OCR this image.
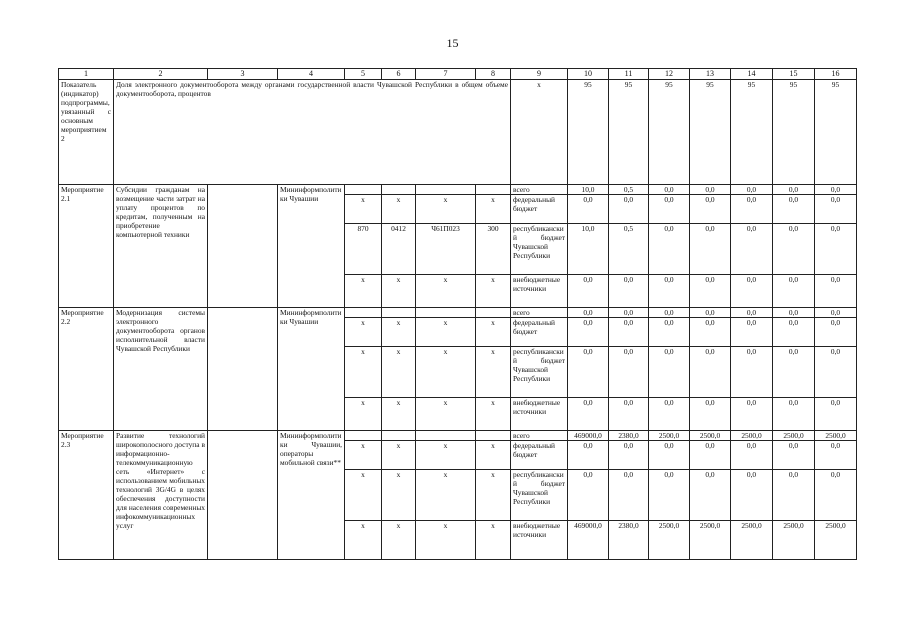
15
1	2	3	4	5	6	7	8	9	10	11	12	13	14	15	16
Показатель (индикатор) подпрограммы, увязанный с основным мероприятием 2	Доля электронного документооборота между органами государственной власти Чувашской Республики в общем объеме документооборота, процентов							x	95	95	95	95	95	95	95
Мероприятие 2.1	Субсидии гражданам на возмещение части затрат на уплату процентов по кредитам, полученным на приобретение компьютерной техники		Мининформполитики Чувашии					всего	10,0	0,5	0,0	0,0	0,0	0,0	0,0
				x	x	x	x	федеральный бюджет	0,0	0,0	0,0	0,0	0,0	0,0	0,0
				870	0412	Ч61П023	300	республиканский бюджет Чувашской Республики	10,0	0,5	0,0	0,0	0,0	0,0	0,0
				x	x	x	x	внебюджетные источники	0,0	0,0	0,0	0,0	0,0	0,0	0,0
Мероприятие 2.2	Модернизация системы электронного документооборота органов исполнительной власти Чувашской Республики		Мининформполитики Чувашии					всего	0,0	0,0	0,0	0,0	0,0	0,0	0,0
				x	x	x	x	федеральный бюджет	0,0	0,0	0,0	0,0	0,0	0,0	0,0
				x	x	x	x	республиканский бюджет Чувашской Республики	0,0	0,0	0,0	0,0	0,0	0,0	0,0
				x	x	x	x	внебюджетные источники	0,0	0,0	0,0	0,0	0,0	0,0	0,0
Мероприятие 2.3	Развитие технологий широкополосного доступа в информационно-телекоммуникационную сеть «Интернет» с использованием мобильных технологий 3G/4G в целях обеспечения доступности для населения современных инфокоммуникационных услуг		Мининформполитики Чувашии, операторы мобильной связи**					всего	469000,0	2380,0	2500,0	2500,0	2500,0	2500,0	2500,0
				x	x	x	x	федеральный бюджет	0,0	0,0	0,0	0,0	0,0	0,0	0,0
				x	x	x	x	республиканский бюджет Чувашской Республики	0,0	0,0	0,0	0,0	0,0	0,0	0,0
				x	x	x	x	внебюджетные источники	469000,0	2380,0	2500,0	2500,0	2500,0	2500,0	2500,0
